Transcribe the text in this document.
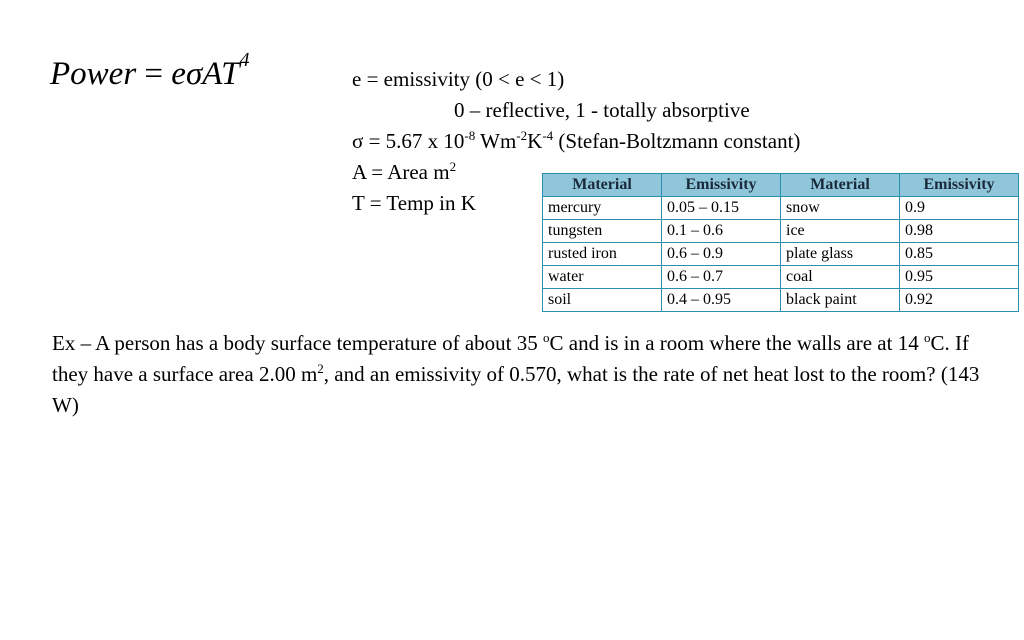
Power = eσAT$^4$
e = emissivity (0 < e < 1)
0 – reflective, 1 - totally absorptive
σ = 5.67 x $10^{-8}$ $Wm^{-2}K^{-4}$ (Stefan-Boltzmann constant)
A = Area $m^2$
T = Temp in K
Material	Emissivity	Material	Emissivity
mercury	0.05 – 0.15	snow	0.9
tungsten	0.1 – 0.6	ice	0.98
rusted iron	0.6 – 0.9	plate glass	0.85
water	0.6 – 0.7	coal	0.95
soil	0.4 – 0.95	black paint	0.92
Ex – A person has a body surface temperature of about 35 $^o$C and is in a room where the walls are at 14 $^o$C. If they have a surface area 2.00 $m^2$, and an emissivity of 0.570, what is the rate of net heat lost to the room? (143 W)
